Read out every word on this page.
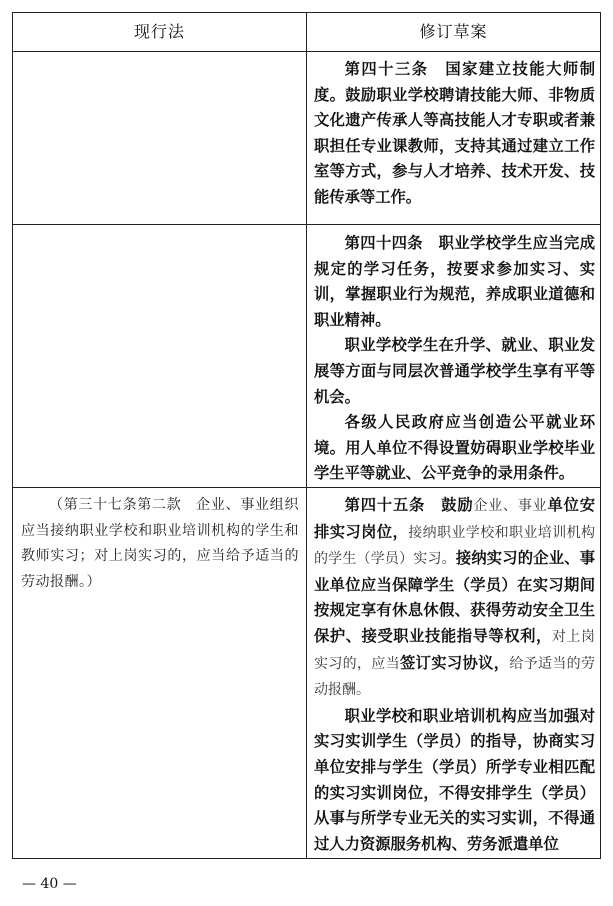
现行法	修订草案

第四十三条　国家建立技能大师制度。鼓励职业学校聘请技能大师、非物质文化遗产传承人等高技能人才专职或者兼职担任专业课教师，支持其通过建立工作室等方式，参与人才培养、技术开发、技能传承等工作。

第四十四条　职业学校学生应当完成规定的学习任务，按要求参加实习、实训，掌握职业行为规范，养成职业道德和职业精神。

职业学校学生在升学、就业、职业发展等方面与同层次普通学校学生享有平等机会。

各级人民政府应当创造公平就业环境。用人单位不得设置妨碍职业学校毕业学生平等就业、公平竞争的录用条件。

（第三十七条第二款　企业、事业组织应当接纳职业学校和职业培训机构的学生和教师实习；对上岗实习的，应当给予适当的劳动报酬。）

第四十五条　鼓励企业、事业单位安排实习岗位，接纳职业学校和职业培训机构的学生（学员）实习。接纳实习的企业、事业单位应当保障学生（学员）在实习期间按规定享有休息休假、获得劳动安全卫生保护、接受职业技能指导等权利，对上岗实习的，应当签订实习协议，给予适当的劳动报酬。

职业学校和职业培训机构应当加强对实习实训学生（学员）的指导，协商实习单位安排与学生（学员）所学专业相匹配的实习实训岗位，不得安排学生（学员）从事与所学专业无关的实习实训，不得通过人力资源服务机构、劳务派遣单位

— 40 —
